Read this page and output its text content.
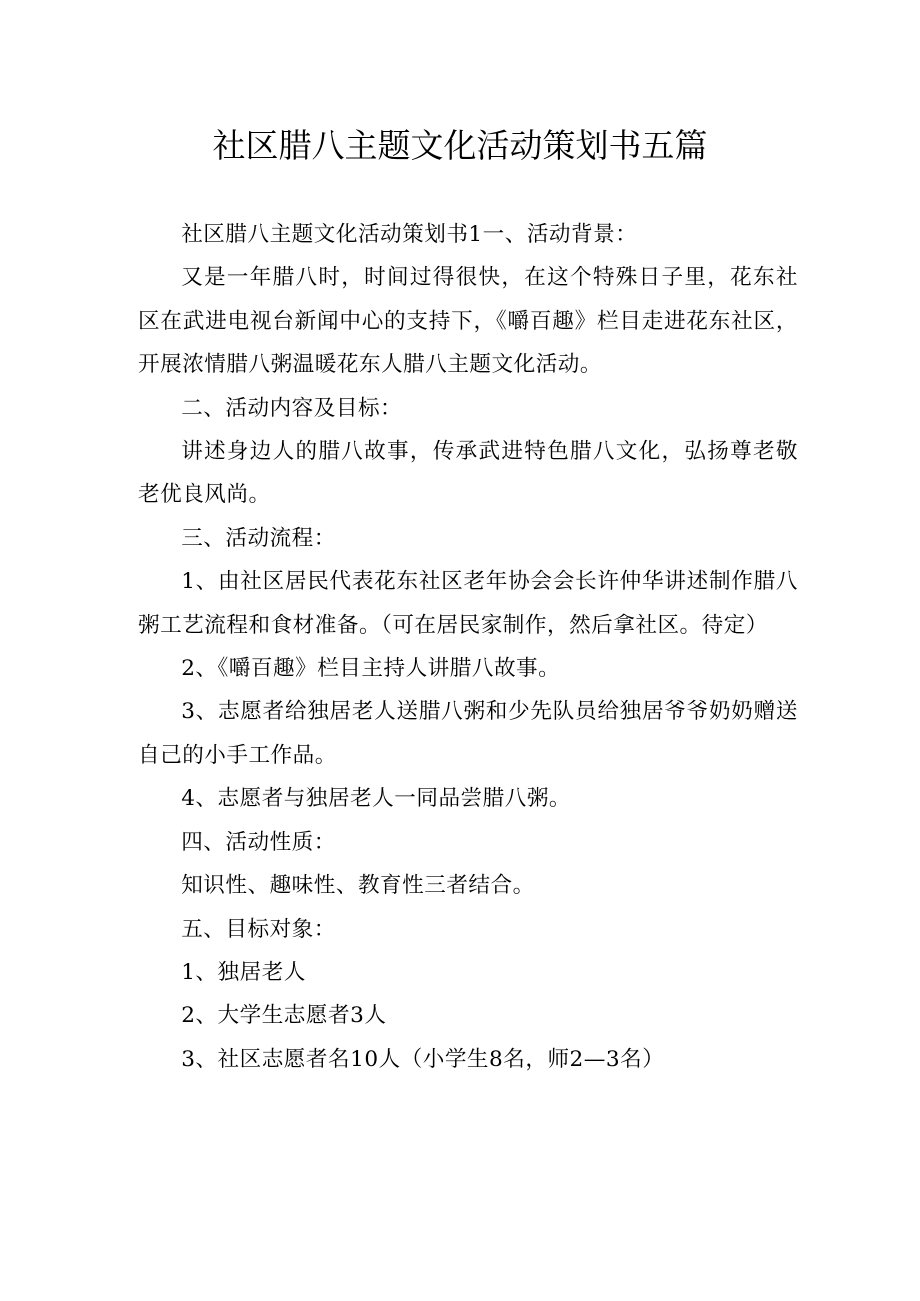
社区腊八主题文化活动策划书五篇

社区腊八主题文化活动策划书1一、活动背景：

又是一年腊八时，时间过得很快，在这个特殊日子里，花东社区在武进电视台新闻中心的支持下，《嚼百趣》栏目走进花东社区，开展浓情腊八粥温暖花东人腊八主题文化活动。

二、活动内容及目标：

讲述身边人的腊八故事，传承武进特色腊八文化，弘扬尊老敬老优良风尚。

三、活动流程：

1、由社区居民代表花东社区老年协会会长许仲华讲述制作腊八粥工艺流程和食材准备。（可在居民家制作，然后拿社区。待定）

2、《嚼百趣》栏目主持人讲腊八故事。

3、志愿者给独居老人送腊八粥和少先队员给独居爷爷奶奶赠送自己的小手工作品。

4、志愿者与独居老人一同品尝腊八粥。

四、活动性质：

知识性、趣味性、教育性三者结合。

五、目标对象：

1、独居老人

2、大学生志愿者3人

3、社区志愿者名10人（小学生8名，师2—3名）
